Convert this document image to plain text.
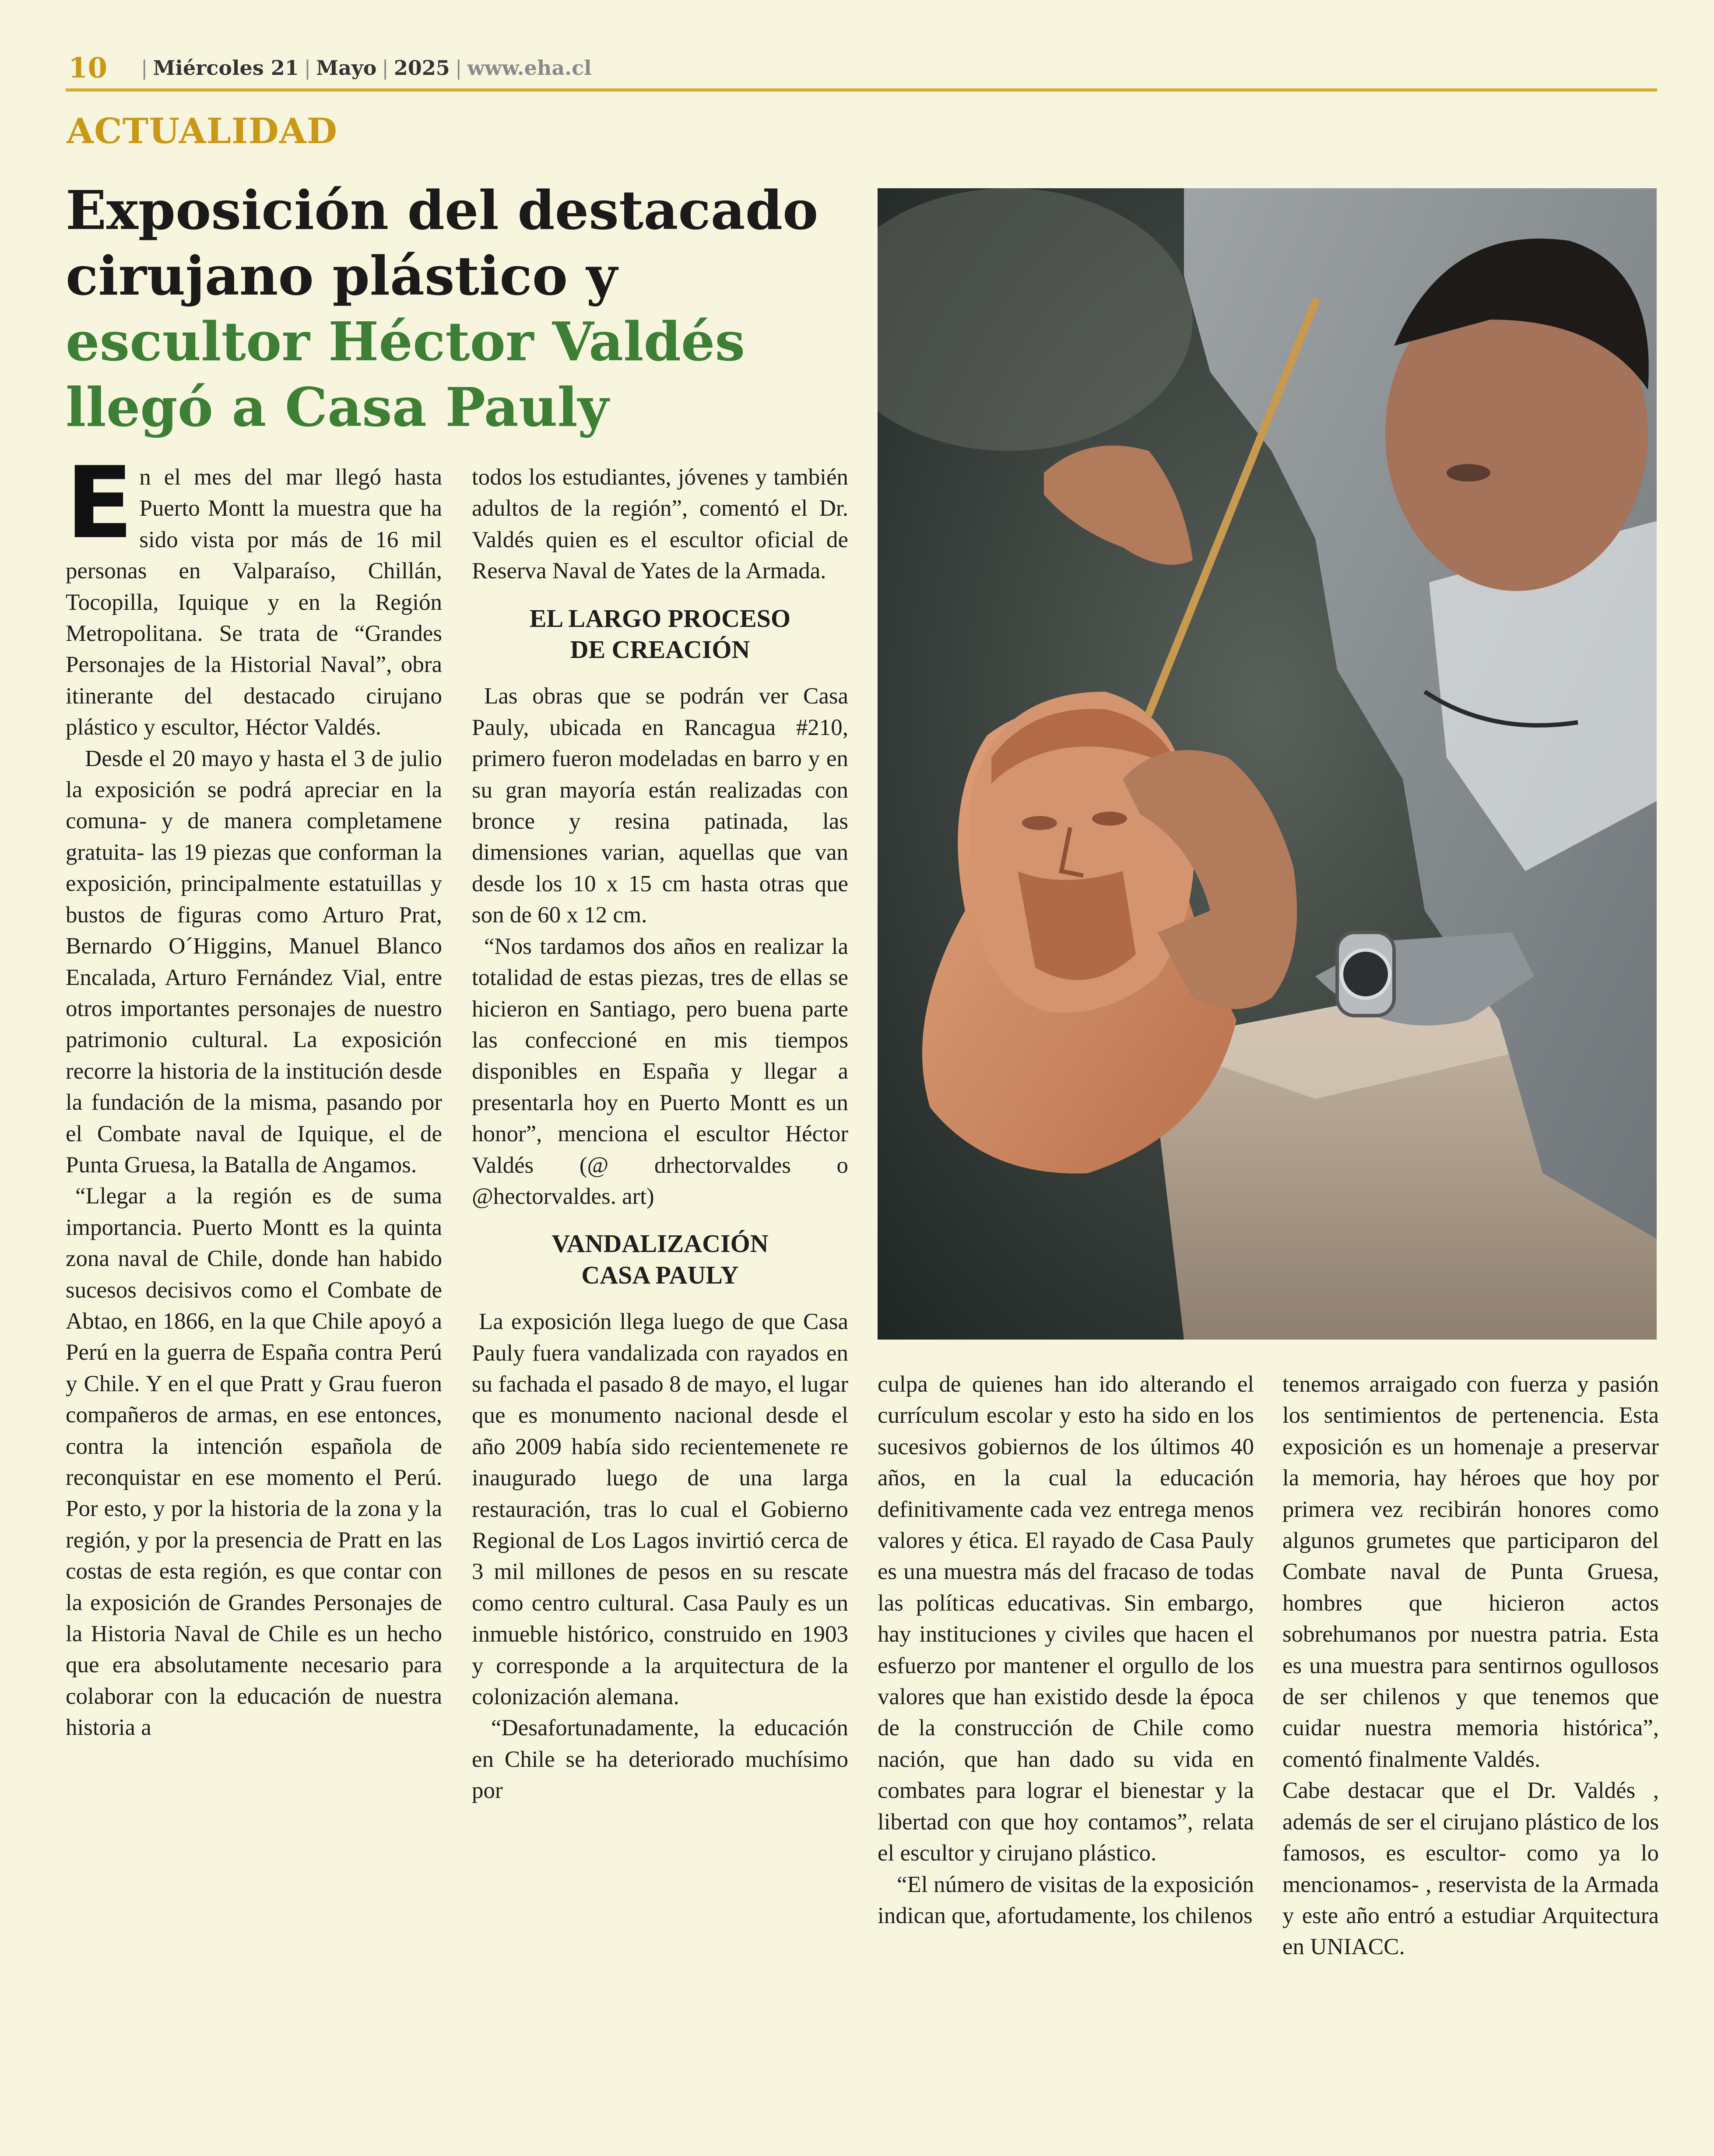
10 | Miércoles 21 | Mayo | 2025 | www.eha.cl
ACTUALIDAD
Exposición del destacado
cirujano plástico y
escultor Héctor Valdés
llegó a Casa Pauly

En el mes del mar llegó hasta Puerto Montt la muestra que ha sido vista por más de 16 mil personas en Valparaíso, Chillán, Tocopilla, Iquique y en la Región Metropolitana. Se trata de “Grandes Personajes de la Historial Naval”, obra itinerante del destacado cirujano plástico y escultor, Héctor Valdés.

Desde el 20 mayo y hasta el 3 de julio la exposición se podrá apreciar en la comuna- y de manera completamene gratuita- las 19 piezas que conforman la exposición, principalmente estatuillas y bustos de figuras como Arturo Prat, Bernardo O´Higgins, Manuel Blanco Encalada, Arturo Fernández Vial, entre otros importantes personajes de nuestro patrimonio cultural. La exposición recorre la historia de la institución desde la fundación de la misma, pasando por el Combate naval de Iquique, el de Punta Gruesa, la Batalla de Angamos.

“Llegar a la región es de suma importancia. Puerto Montt es la quinta zona naval de Chile, donde han habido sucesos decisivos como el Combate de Abtao, en 1866, en la que Chile apoyó a Perú en la guerra de España contra Perú y Chile. Y en el que Pratt y Grau fueron compañeros de armas, en ese entonces, contra la intención española de reconquistar en ese momento el Perú. Por esto, y por la historia de la zona y la región, y por la presencia de Pratt en las costas de esta región, es que contar con la exposición de Grandes Personajes de la Historia Naval de Chile es un hecho que era absolutamente necesario para colaborar con la educación de nuestra historia a

todos los estudiantes, jóvenes y también adultos de la región”, comentó el Dr. Valdés quien es el escultor oficial de Reserva Naval de Yates de la Armada.

EL LARGO PROCESO
DE CREACIÓN

Las obras que se podrán ver Casa Pauly, ubicada en Rancagua #210, primero fueron modeladas en barro y en su gran mayoría están realizadas con bronce y resina patinada, las dimensiones varian, aquellas que van desde los 10 x 15 cm hasta otras que son de 60 x 12 cm.

“Nos tardamos dos años en realizar la totalidad de estas piezas, tres de ellas se hicieron en Santiago, pero buena parte las confeccioné en mis tiempos disponibles en España y llegar a presentarla hoy en Puerto Montt es un honor”, menciona el escultor Héctor Valdés (@ drhectorvaldes o @hectorvaldes. art)

VANDALIZACIÓN
CASA PAULY

La exposición llega luego de que Casa Pauly fuera vandalizada con rayados en su fachada el pasado 8 de mayo, el lugar que es monumento nacional desde el año 2009 había sido recientemenete re inaugurado luego de una larga restauración, tras lo cual el Gobierno Regional de Los Lagos invirtió cerca de 3 mil millones de pesos en su rescate como centro cultural. Casa Pauly es un inmueble histórico, construido en 1903 y corresponde a la arquitectura de la colonización alemana.

“Desafortunadamente, la educación en Chile se ha deteriorado muchísimo por

culpa de quienes han ido alterando el currículum escolar y esto ha sido en los sucesivos gobiernos de los últimos 40 años, en la cual la educación definitivamente cada vez entrega menos valores y ética. El rayado de Casa Pauly es una muestra más del fracaso de todas las políticas educativas. Sin embargo, hay instituciones y civiles que hacen el esfuerzo por mantener el orgullo de los valores que han existido desde la época de la construcción de Chile como nación, que han dado su vida en combates para lograr el bienestar y la libertad con que hoy contamos”, relata el escultor y cirujano plástico.

“El número de visitas de la exposición indican que, afortudamente, los chilenos

tenemos arraigado con fuerza y pasión los sentimientos de pertenencia. Esta exposición es un homenaje a preservar la memoria, hay héroes que hoy por primera vez recibirán honores como algunos grumetes que participaron del Combate naval de Punta Gruesa, hombres que hicieron actos sobrehumanos por nuestra patria. Esta es una muestra para sentirnos ogullosos de ser chilenos y que tenemos que cuidar nuestra memoria histórica”, comentó finalmente Valdés.

Cabe destacar que el Dr. Valdés , además de ser el cirujano plástico de los famosos, es escultor- como ya lo mencionamos- , reservista de la Armada y este año entró a estudiar Arquitectura en UNIACC.
